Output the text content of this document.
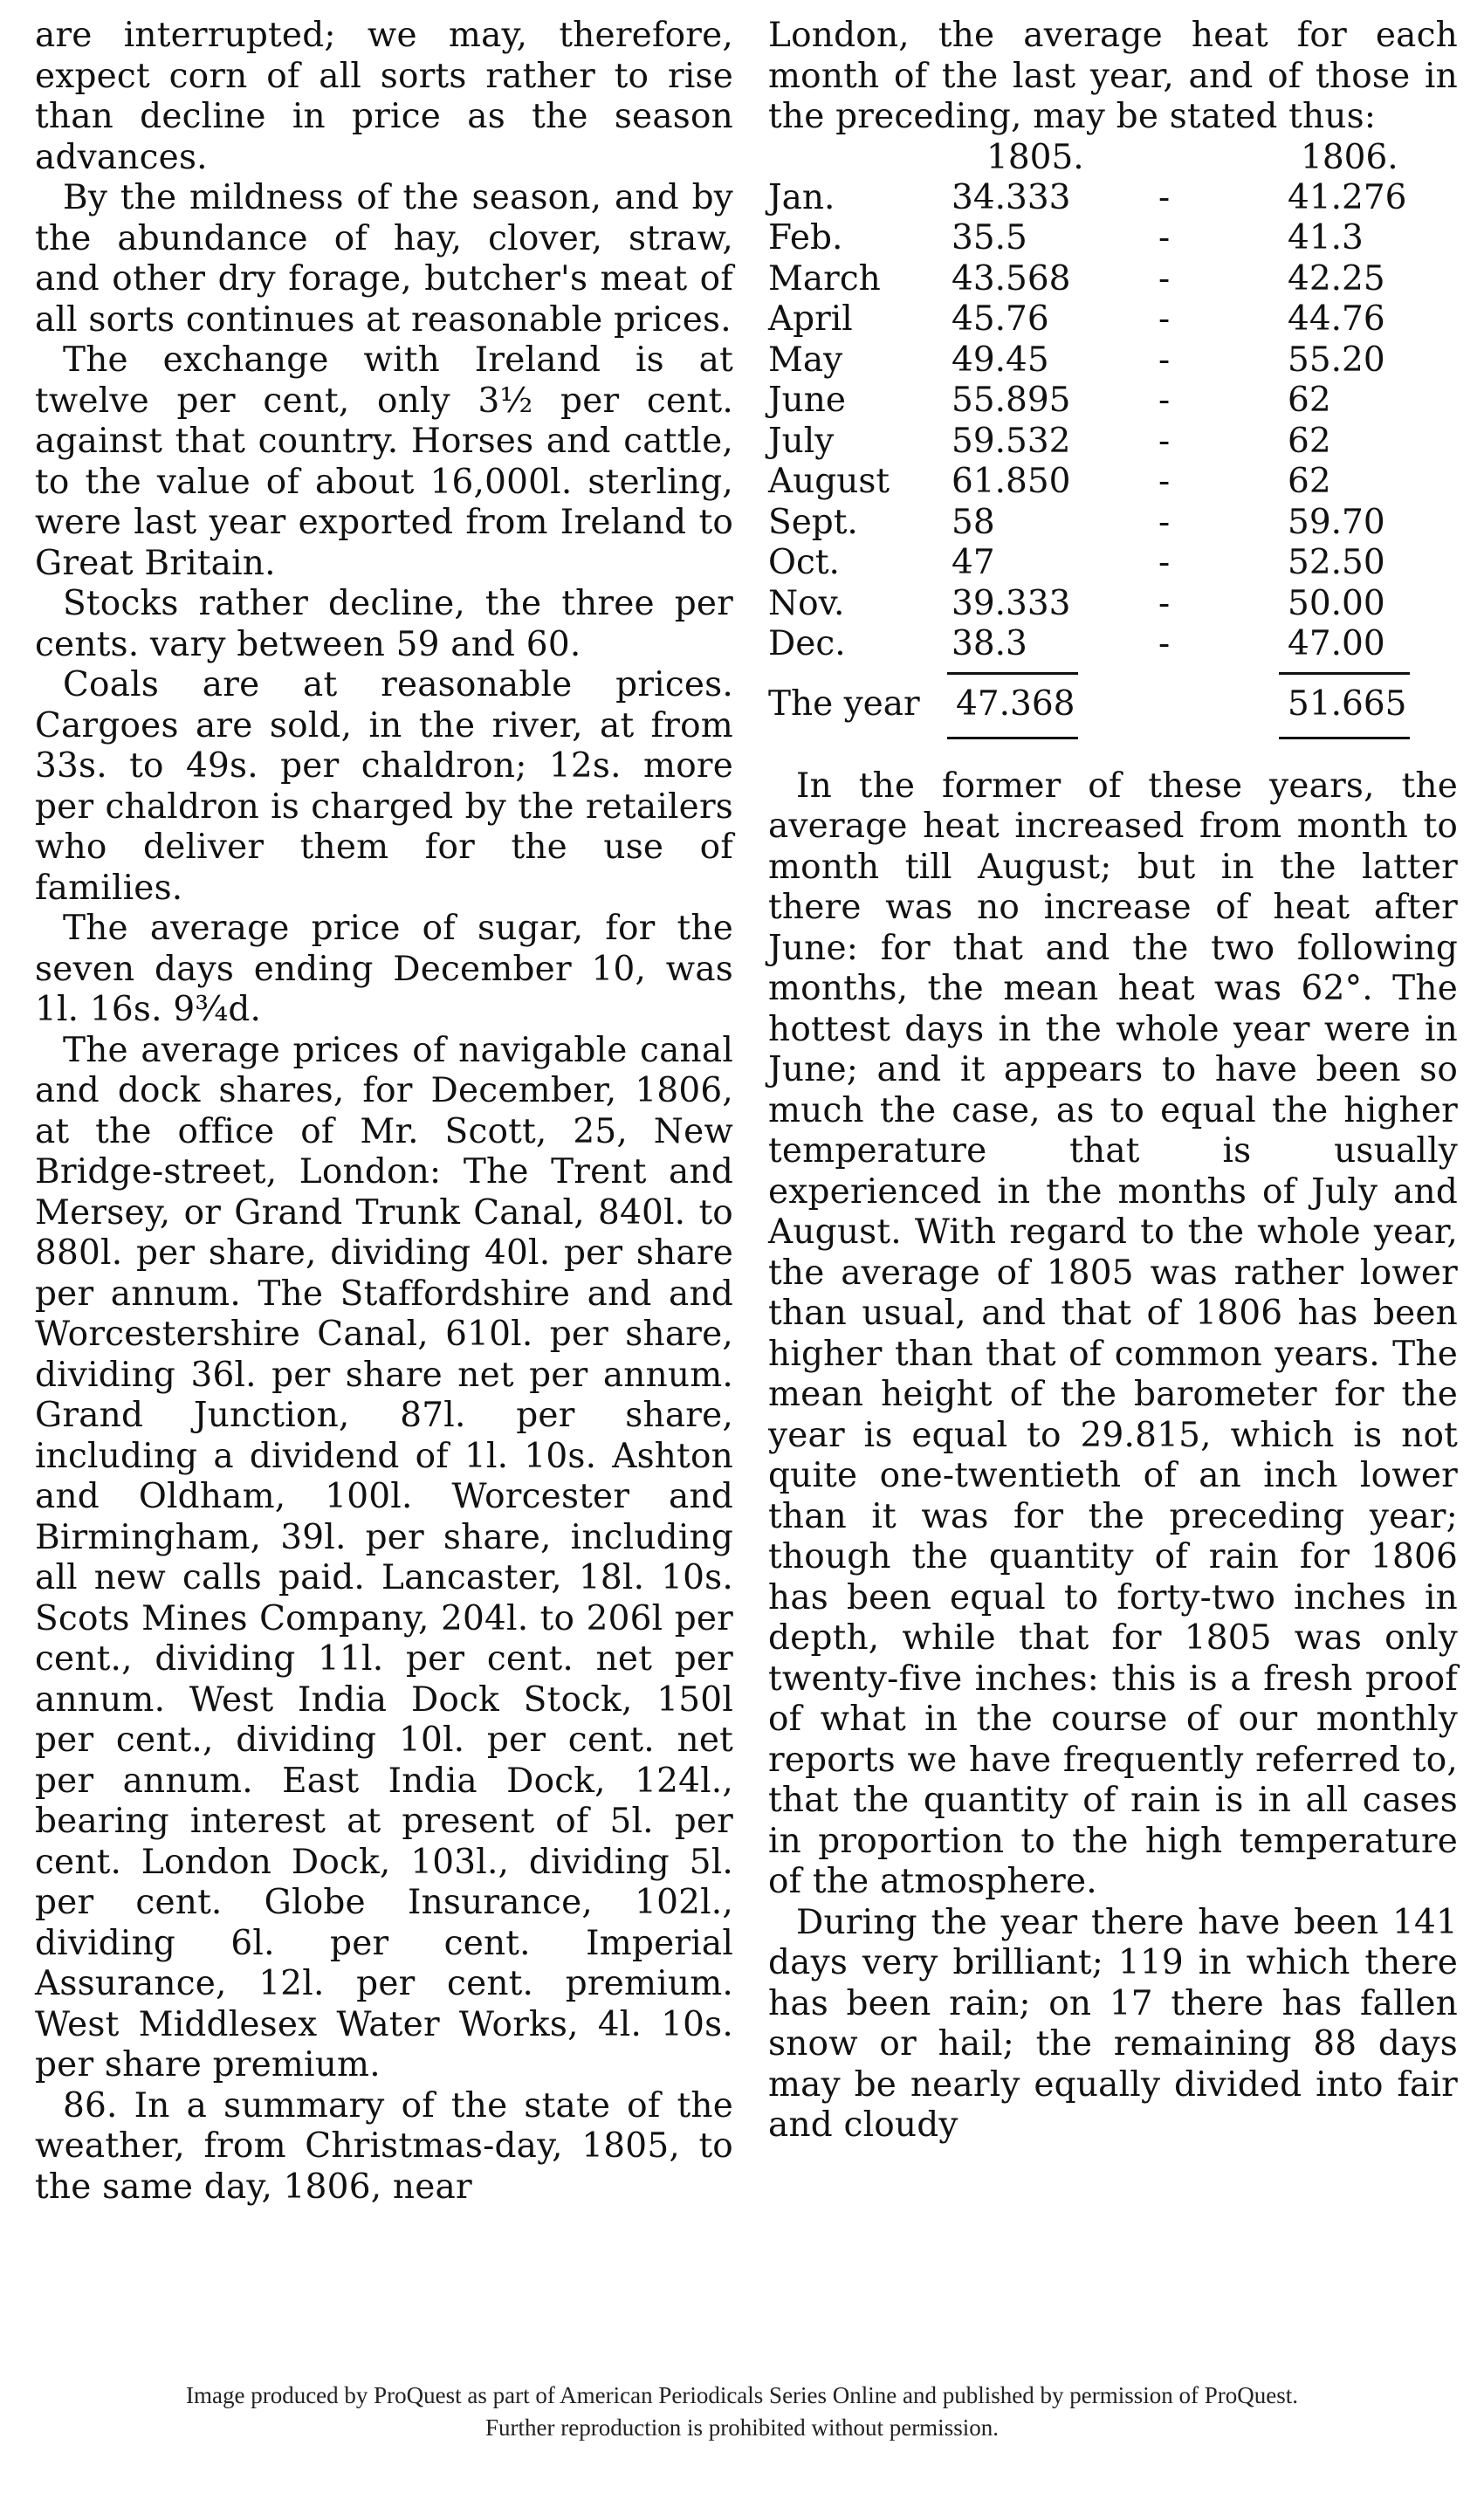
are interrupted; we may, therefore, expect corn of all sorts rather to rise than decline in price as the season advances.

By the mildness of the season, and by the abundance of hay, clover, straw, and other dry forage, butcher's meat of all sorts continues at reasonable prices.

The exchange with Ireland is at twelve per cent, only 3½ per cent. against that country. Horses and cattle, to the value of about 16,000l. sterling, were last year exported from Ireland to Great Britain.

Stocks rather decline, the three per cents. vary between 59 and 60.

Coals are at reasonable prices. Cargoes are sold, in the river, at from 33s. to 49s. per chaldron; 12s. more per chaldron is charged by the retailers who deliver them for the use of families.

The average price of sugar, for the seven days ending December 10, was 1l. 16s. 9¾d.

The average prices of navigable canal and dock shares, for December, 1806, at the office of Mr. Scott, 25, New Bridge-street, London: The Trent and Mersey, or Grand Trunk Canal, 840l. to 880l. per share, dividing 40l. per share per annum. The Staffordshire and and Worcestershire Canal, 610l. per share, dividing 36l. per share net per annum. Grand Junction, 87l. per share, including a dividend of 1l. 10s. Ashton and Oldham, 100l. Worcester and Birmingham, 39l. per share, including all new calls paid. Lancaster, 18l. 10s. Scots Mines Company, 204l. to 206l per cent., dividing 11l. per cent. net per annum. West India Dock Stock, 150l per cent., dividing 10l. per cent. net per annum. East India Dock, 124l., bearing interest at present of 5l. per cent. London Dock, 103l., dividing 5l. per cent. Globe Insurance, 102l., dividing 6l. per cent. Imperial Assurance, 12l. per cent. premium. West Middlesex Water Works, 4l. 10s. per share premium.

86. In a summary of the state of the weather, from Christmas-day, 1805, to the same day, 1806, near

London, the average heat for each month of the last year, and of those in the preceding, may be stated thus:

1805.	1806.
Jan.	34.333	-	41.276
Feb.	35.5	-	41.3
March 43.568	-	42.25
April	45.76	-	44.76
May	49.45	-	55.20
June	55.895	-	62
July	59.532	-	62
August 61.850	-	62
Sept.	58	-	59.70
Oct.	47	-	52.50
Nov.	39.333	-	50.00
Dec.	38.3	-	47.00
The year 47.368	51.665

In the former of these years, the average heat increased from month to month till August; but in the latter there was no increase of heat after June: for that and the two following months, the mean heat was 62°. The hottest days in the whole year were in June; and it appears to have been so much the case, as to equal the higher temperature that is usually experienced in the months of July and August. With regard to the whole year, the average of 1805 was rather lower than usual, and that of 1806 has been higher than that of common years. The mean height of the barometer for the year is equal to 29.815, which is not quite one-twentieth of an inch lower than it was for the preceding year; though the quantity of rain for 1806 has been equal to forty-two inches in depth, while that for 1805 was only twenty-five inches: this is a fresh proof of what in the course of our monthly reports we have frequently referred to, that the quantity of rain is in all cases in proportion to the high temperature of the atmosphere.

During the year there have been 141 days very brilliant; 119 in which there has been rain; on 17 there has fallen snow or hail; the remaining 88 days may be nearly equally divided into fair and cloudy

Image produced by ProQuest as part of American Periodicals Series Online and published by permission of ProQuest.
Further reproduction is prohibited without permission.
